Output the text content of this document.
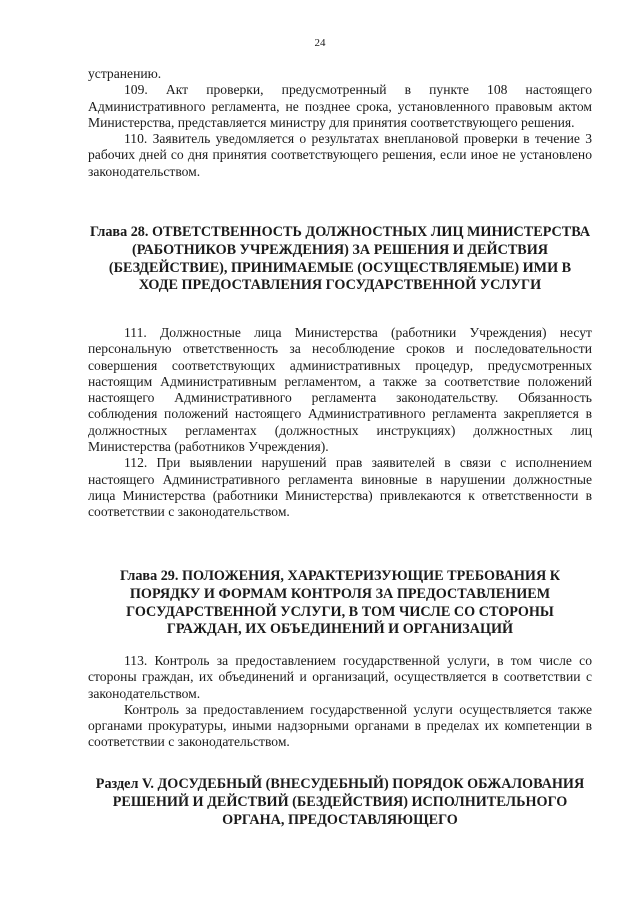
24

устранению.

109. Акт проверки, предусмотренный в пункте 108 настоящего Административного регламента, не позднее срока, установленного правовым актом Министерства, представляется министру для принятия соответствующего решения.

110. Заявитель уведомляется о результатах внеплановой проверки в течение 3 рабочих дней со дня принятия соответствующего решения, если иное не установлено законодательством.

Глава 28. ОТВЕТСТВЕННОСТЬ ДОЛЖНОСТНЫХ ЛИЦ МИНИСТЕРСТВА (РАБОТНИКОВ УЧРЕЖДЕНИЯ) ЗА РЕШЕНИЯ И ДЕЙСТВИЯ (БЕЗДЕЙСТВИЕ), ПРИНИМАЕМЫЕ (ОСУЩЕСТВЛЯЕМЫЕ) ИМИ В ХОДЕ ПРЕДОСТАВЛЕНИЯ ГОСУДАРСТВЕННОЙ УСЛУГИ

111. Должностные лица Министерства (работники Учреждения) несут персональную ответственность за несоблюдение сроков и последовательности совершения соответствующих административных процедур, предусмотренных настоящим Административным регламентом, а также за соответствие положений настоящего Административного регламента законодательству. Обязанность соблюдения положений настоящего Административного регламента закрепляется в должностных регламентах (должностных инструкциях) должностных лиц Министерства (работников Учреждения).

112. При выявлении нарушений прав заявителей в связи с исполнением настоящего Административного регламента виновные в нарушении должностные лица Министерства (работники Министерства) привлекаются к ответственности в соответствии с законодательством.

Глава 29. ПОЛОЖЕНИЯ, ХАРАКТЕРИЗУЮЩИЕ ТРЕБОВАНИЯ К ПОРЯДКУ И ФОРМАМ КОНТРОЛЯ ЗА ПРЕДОСТАВЛЕНИЕМ ГОСУДАРСТВЕННОЙ УСЛУГИ, В ТОМ ЧИСЛЕ СО СТОРОНЫ ГРАЖДАН, ИХ ОБЪЕДИНЕНИЙ И ОРГАНИЗАЦИЙ

113. Контроль за предоставлением государственной услуги, в том числе со стороны граждан, их объединений и организаций, осуществляется в соответствии с законодательством.

Контроль за предоставлением государственной услуги осуществляется также органами прокуратуры, иными надзорными органами в пределах их компетенции в соответствии с законодательством.

Раздел V. ДОСУДЕБНЫЙ (ВНЕСУДЕБНЫЙ) ПОРЯДОК ОБЖАЛОВАНИЯ РЕШЕНИЙ И ДЕЙСТВИЙ (БЕЗДЕЙСТВИЯ) ИСПОЛНИТЕЛЬНОГО ОРГАНА, ПРЕДОСТАВЛЯЮЩЕГО
